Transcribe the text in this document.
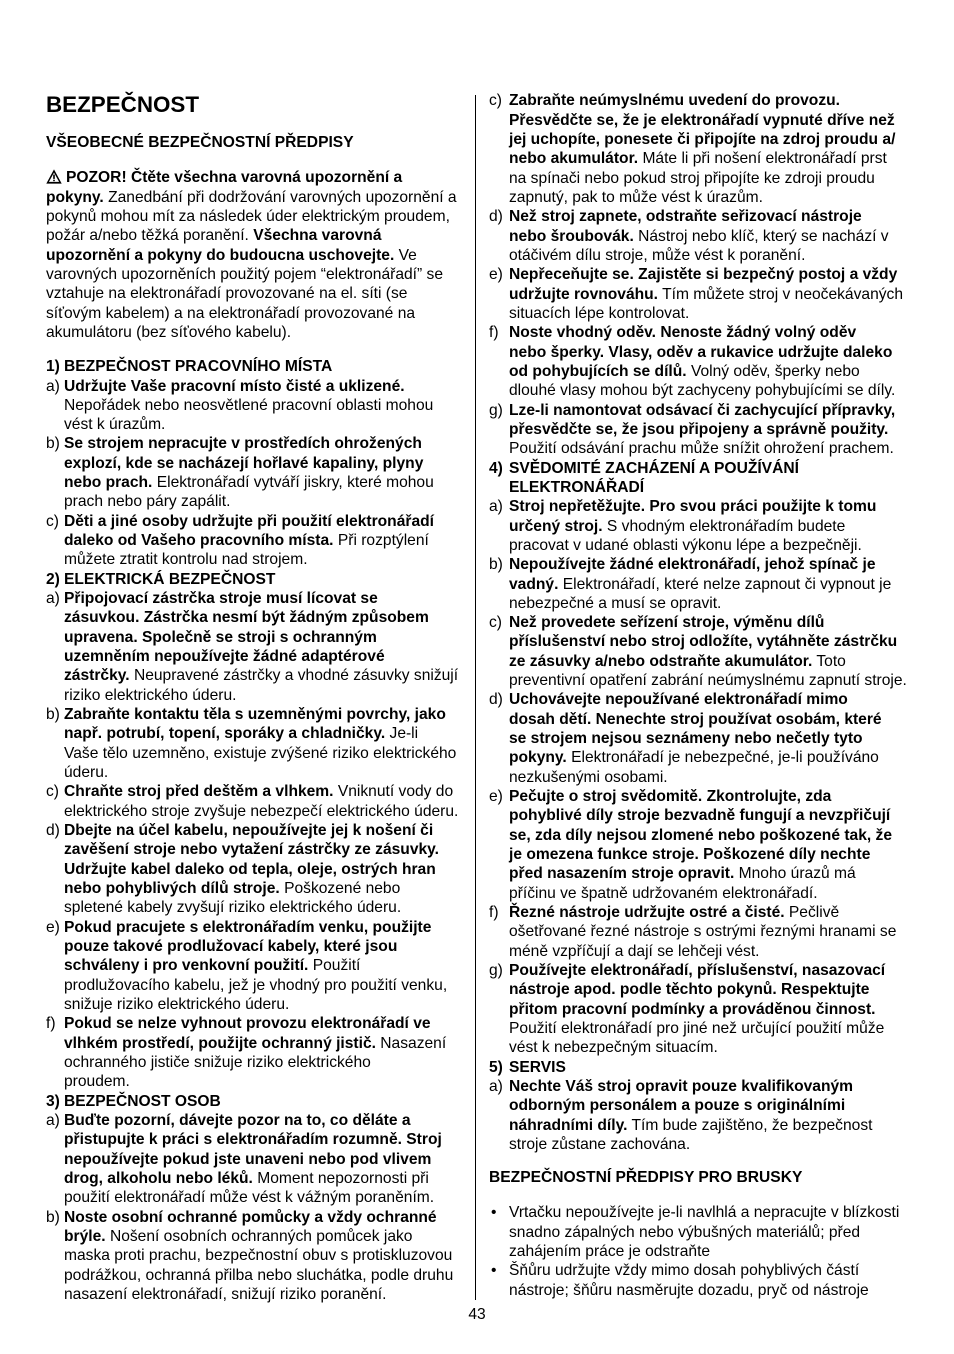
BEZPEČNOST
VŠEOBECNÉ BEZPEČNOSTNÍ PŘEDPISY
POZOR! Čtěte všechna varovná upozornění a
pokyny. Zanedbání při dodržování varovných upozornění a
pokynů mohou mít za následek úder elektrickým proudem,
požár a/nebo těžká poranění. Všechna varovná
upozornění a pokyny do budoucna uschovejte. Ve
varovných upozorněních použitý pojem “elektronářadí” se
vztahuje na elektronářadí provozované na el. síti (se
síťovým kabelem) a na elektronářadí provozované na
akumulátoru (bez síťového kabelu).
1) BEZPEČNOST PRACOVNÍHO MÍSTA
a) Udržujte Vaše pracovní místo čisté a uklizené.
Nepořádek nebo neosvětlené pracovní oblasti mohou
vést k úrazům.
b) Se strojem nepracujte v prostředích ohrožených
explozí, kde se nacházejí hořlavé kapaliny, plyny
nebo prach. Elektronářadí vytváří jiskry, které mohou
prach nebo páry zapálit.
c) Děti a jiné osoby udržujte při použití elektronářadí
daleko od Vašeho pracovního místa. Při rozptýlení
můžete ztratit kontrolu nad strojem.
2) ELEKTRICKÁ BEZPEČNOST
a) Připojovací zástrčka stroje musí lícovat se
zásuvkou. Zástrčka nesmí být žádným způsobem
upravena. Společně se stroji s ochranným
uzemněním nepoužívejte žádné adaptérové
zástrčky. Neupravené zástrčky a vhodné zásuvky snižují
riziko elektrického úderu.
b) Zabraňte kontaktu těla s uzemněnými povrchy, jako
např. potrubí, topení, sporáky a chladničky. Je-li
Vaše tělo uzemněno, existuje zvýšené riziko elektrického
úderu.
c) Chraňte stroj před deštěm a vlhkem. Vniknutí vody do
elektrického stroje zvyšuje nebezpečí elektrického úderu.
d) Dbejte na účel kabelu, nepoužívejte jej k nošení či
zavěšení stroje nebo vytažení zástrčky ze zásuvky.
Udržujte kabel daleko od tepla, oleje, ostrých hran
nebo pohyblivých dílů stroje. Poškozené nebo
spletené kabely zvyšují riziko elektrického úderu.
e) Pokud pracujete s elektronářadím venku, použijte
pouze takové prodlužovací kabely, které jsou
schváleny i pro venkovní použití. Použití
prodlužovacího kabelu, jež je vhodný pro použití venku,
snižuje riziko elektrického úderu.
f) Pokud se nelze vyhnout provozu elektronářadí ve
vlhkém prostředí, použijte ochranný jistič. Nasazení
ochranného jističe snižuje riziko elektrického
proudem.
3) BEZPEČNOST OSOB
a) Buďte pozorní, dávejte pozor na to, co děláte a
přistupujte k práci s elektronářadím rozumně. Stroj
nepoužívejte pokud jste unaveni nebo pod vlivem
drog, alkoholu nebo léků. Moment nepozornosti při
použití elektronářadí může vést k vážným poraněním.
b) Noste osobní ochranné pomůcky a vždy ochranné
brýle. Nošení osobních ochranných pomůcek jako
maska proti prachu, bezpečnostní obuv s protiskluzovou
podrážkou, ochranná přilba nebo sluchátka, podle druhu
nasazení elektronářadí, snižují riziko poranění.
c) Zabraňte neúmyslnému uvedení do provozu.
Přesvědčte se, že je elektronářadí vypnuté dříve než
jej uchopíte, ponesete či připojíte na zdroj proudu a/
nebo akumulátor. Máte li při nošení elektronářadí prst
na spínači nebo pokud stroj připojíte ke zdroji proudu
zapnutý, pak to může vést k úrazům.
d) Než stroj zapnete, odstraňte seřizovací nástroje
nebo šroubovák. Nástroj nebo klíč, který se nachází v
otáčivém dílu stroje, může vést k poranění.
e) Nepřeceňujte se. Zajistěte si bezpečný postoj a vždy
udržujte rovnováhu. Tím můžete stroj v neočekávaných
situacích lépe kontrolovat.
f) Noste vhodný oděv. Nenoste žádný volný oděv
nebo šperky. Vlasy, oděv a rukavice udržujte daleko
od pohybujících se dílů. Volný oděv, šperky nebo
dlouhé vlasy mohou být zachyceny pohybujícími se díly.
g) Lze-li namontovat odsávací či zachycující přípravky,
přesvědčte se, že jsou připojeny a správně použity.
Použití odsávání prachu může snížit ohrožení prachem.
4) SVĚDOMITÉ ZACHÁZENÍ A POUŽÍVÁNÍ
ELEKTRONÁŘADÍ
a) Stroj nepřetěžujte. Pro svou práci použijte k tomu
určený stroj. S vhodným elektronářadím budete
pracovat v udané oblasti výkonu lépe a bezpečněji.
b) Nepoužívejte žádné elektronářadí, jehož spínač je
vadný. Elektronářadí, které nelze zapnout či vypnout je
nebezpečné a musí se opravit.
c) Než provedete seřízení stroje, výměnu dílů
příslušenství nebo stroj odložíte, vytáhněte zástrčku
ze zásuvky a/nebo odstraňte akumulátor. Toto
preventivní opatření zabrání neúmyslnému zapnutí stroje.
d) Uchovávejte nepoužívané elektronářadí mimo
dosah dětí. Nenechte stroj používat osobám, které
se strojem nejsou seznámeny nebo nečetly tyto
pokyny. Elektronářadí je nebezpečné, je-li používáno
nezkušenými osobami.
e) Pečujte o stroj svědomitě. Zkontrolujte, zda
pohyblivé díly stroje bezvadně fungují a nevzpřičují
se, zda díly nejsou zlomené nebo poškozené tak, že
je omezena funkce stroje. Poškozené díly nechte
před nasazením stroje opravit. Mnoho úrazů má
příčinu ve špatně udržovaném elektronářadí.
f) Řezné nástroje udržujte ostré a čisté. Pečlivě
ošetřované řezné nástroje s ostrými řeznými hranami se
méně vzpříčují a dají se lehčeji vést.
g) Používejte elektronářadí, příslušenství, nasazovací
nástroje apod. podle těchto pokynů. Respektujte
přitom pracovní podmínky a prováděnou činnost.
Použití elektronářadí pro jiné než určující použití může
vést k nebezpečným situacím.
5) SERVIS
a) Nechte Váš stroj opravit pouze kvalifikovaným
odborným personálem a pouze s originálními
náhradními díly. Tím bude zajištěno, že bezpečnost
stroje zůstane zachována.
BEZPEČNOSTNÍ PŘEDPISY PRO BRUSKY
• Vrtačku nepoužívejte je-li navlhlá a nepracujte v blízkosti
snadno zápalných nebo výbušných materiálů; před
zahájením práce je odstraňte
• Šňůru udržujte vždy mimo dosah pohyblivých částí
nástroje; šňůru nasměrujte dozadu, pryč od nástroje
43
